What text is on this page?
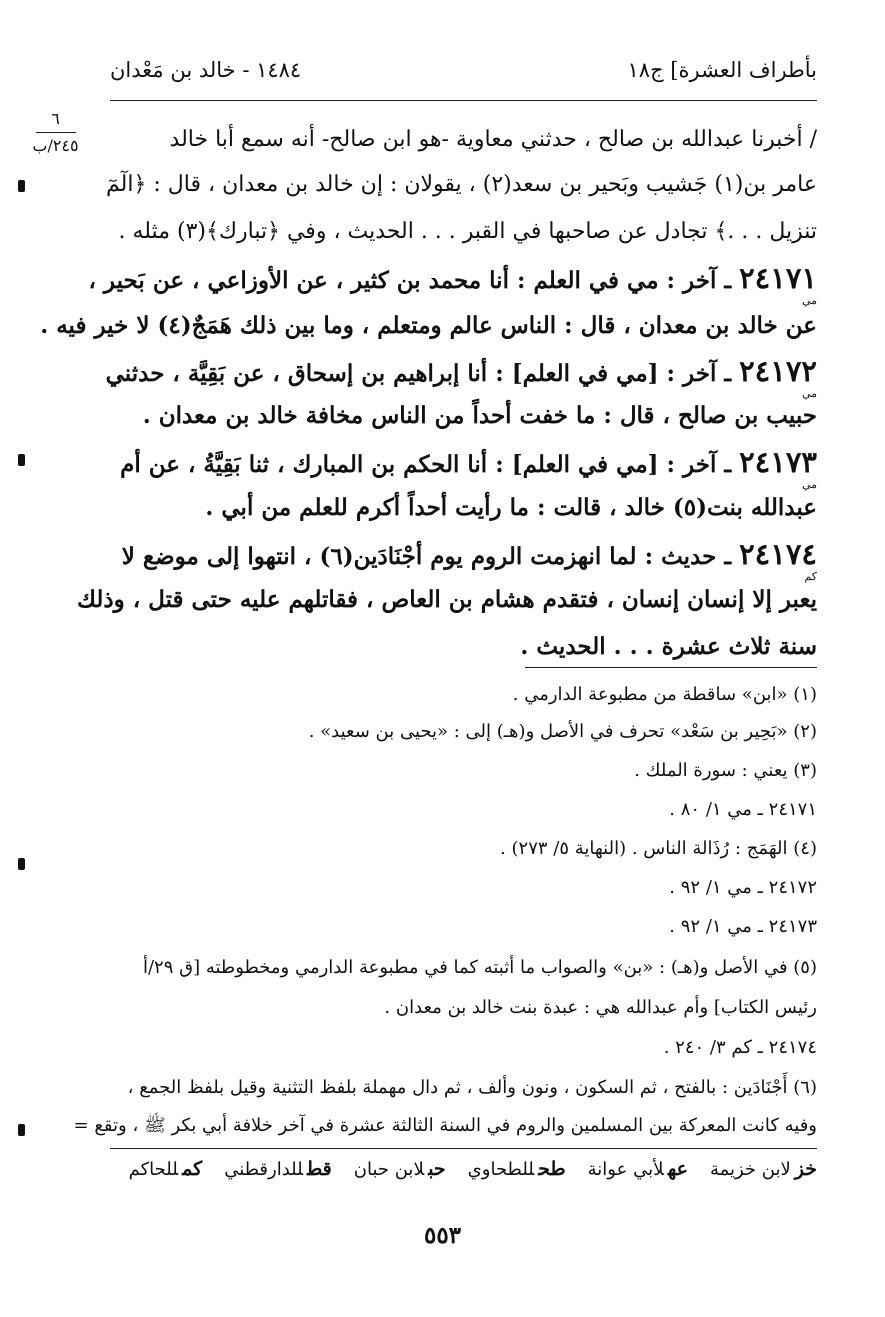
بأطراف العشرة] ج١٨
١٤٨٤ - خالد بن مَعْدان
٦
٢٤٥/ب	/ أخبرنا عبدالله بن صالح ، حدثني معاوية -هو ابن صالح- أنه سمع أبا خالد
عامر بن(١) جَشيب وبَحير بن سعد(٢) ، يقولان : إن خالد بن معدان ، قال : ﴿الٓمٓ
تنزيل . . .﴾ تجادل عن صاحبها في القبر . . . الحديث ، وفي ﴿تبارك﴾(٣) مثله .
٢٤١٧١ ـ آخر : مي في العلم : أنا محمد بن كثير ، عن الأوزاعي ، عن بَحير ،
مي
عن خالد بن معدان ، قال : الناس عالم ومتعلم ، وما بين ذلك هَمَجٌ(٤) لا خير فيه .
٢٤١٧٢ ـ آخر : [مي في العلم] : أنا إبراهيم بن إسحاق ، عن بَقِيَّة ، حدثني
مي
حبيب بن صالح ، قال : ما خفت أحداً من الناس مخافة خالد بن معدان .
٢٤١٧٣ ـ آخر : [مي في العلم] : أنا الحكم بن المبارك ، ثنا بَقِيَّةُ ، عن أم
مي
عبدالله بنت(٥) خالد ، قالت : ما رأيت أحداً أكرم للعلم من أبي .
٢٤١٧٤ ـ حديث : لما انهزمت الروم يوم أجْنَادَين(٦) ، انتهوا إلى موضع لا
كم
يعبر إلا إنسان إنسان ، فتقدم هشام بن العاص ، فقاتلهم عليه حتى قتل ، وذلك
سنة ثلاث عشرة . . . الحديث .
(١) «ابن» ساقطة من مطبوعة الدارمي .
(٢) «بَحِير بن سَعْد» تحرف في الأصل و(هـ) إلى : «يحيى بن سعيد» .
(٣) يعني : سورة الملك .
٢٤١٧١ ـ مي ١/ ٨٠ .
(٤) الهَمَج : رُذَالة الناس . (النهاية ٥/ ٢٧٣) .
٢٤١٧٢ ـ مي ١/ ٩٢ .
٢٤١٧٣ ـ مي ١/ ٩٢ .
(٥) في الأصل و(هـ) : «بن» والصواب ما أثبته كما في مطبوعة الدارمي ومخطوطته [ق ٢٩/أ
رئيس الكتاب] وأم عبدالله هي : عبدة بنت خالد بن معدان .
٢٤١٧٤ ـ كم ٣/ ٢٤٠ .
(٦) أَجْنَادَين : بالفتح ، ثم السكون ، ونون وألف ، ثم دال مهملة بلفظ التثنية وقيل بلفظ الجمع ،
وفيه كانت المعركة بين المسلمين والروم في السنة الثالثة عشرة في آخر خلافة أبي بكر ﷺ ، وتقع =
خزلابن خزيمة
عهلأبي عوانة
طحللطحاوي
حبلابن حبان
قطللدارقطني
كمللحاكم
٥٥٣
